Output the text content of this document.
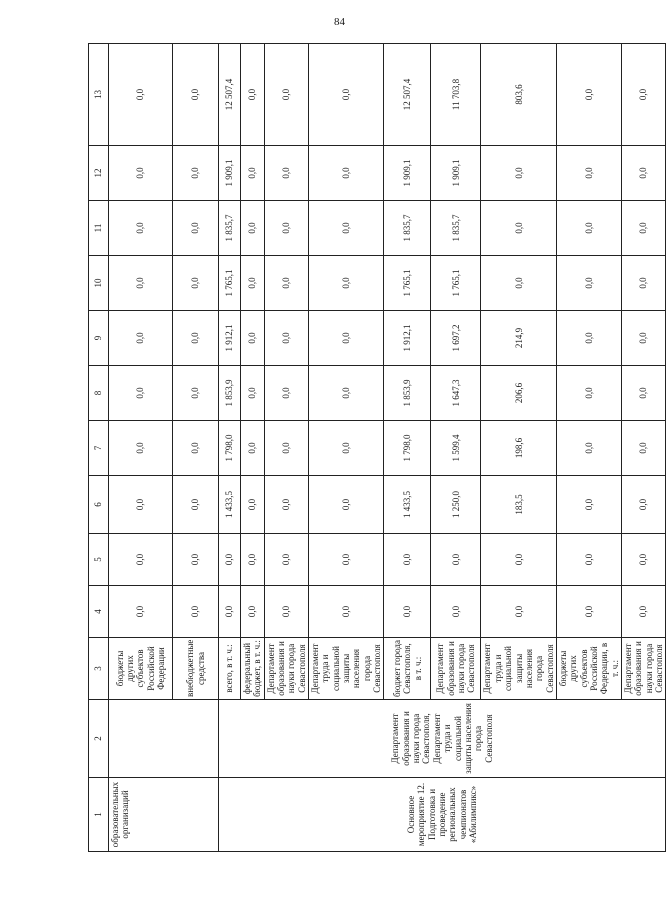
84
1	2	3	4	5	6	7	8	9	10	11	12	13
образовательных организаций		бюджеты других субъектов Российской Федерации	0,0	0,0	0,0	0,0	0,0	0,0	0,0	0,0	0,0	0,0
		внебюджетные средства	0,0	0,0	0,0	0,0	0,0	0,0	0,0	0,0	0,0	0,0
Основное мероприятие 12. Подготовка и проведение региональных чемпионатов «Абилимпикс»	Департамент образования и науки города Севастополя, Департамент труда и социальной защиты населения города Севастополя	всего, в т. ч.:	0,0	0,0	1 433,5	1 798,0	1 853,9	1 912,1	1 765,1	1 835,7	1 909,1	12 507,4
		федеральный бюджет, в т. ч.:	0,0	0,0	0,0	0,0	0,0	0,0	0,0	0,0	0,0	0,0
		Департамент образования и науки города Севастополя	0,0	0,0	0,0	0,0	0,0	0,0	0,0	0,0	0,0	0,0
		Департамент труда и социальной защиты населения города Севастополя	0,0	0,0	0,0	0,0	0,0	0,0	0,0	0,0	0,0	0,0
		бюджет города Севастополя, в т. ч.:	0,0	0,0	1 433,5	1 798,0	1 853,9	1 912,1	1 765,1	1 835,7	1 909,1	12 507,4
		Департамент образования и науки города Севастополя	0,0	0,0	1 250,0	1 599,4	1 647,3	1 697,2	1 765,1	1 835,7	1 909,1	11 703,8
		Департамент труда и социальной защиты населения города Севастополя	0,0	0,0	183,5	198,6	206,6	214,9	0,0	0,0	0,0	803,6
		бюджеты других субъектов Российской Федерации, в т. ч.:	0,0	0,0	0,0	0,0	0,0	0,0	0,0	0,0	0,0	0,0
		Департамент образования и науки города Севастополя	0,0	0,0	0,0	0,0	0,0	0,0	0,0	0,0	0,0	0,0
